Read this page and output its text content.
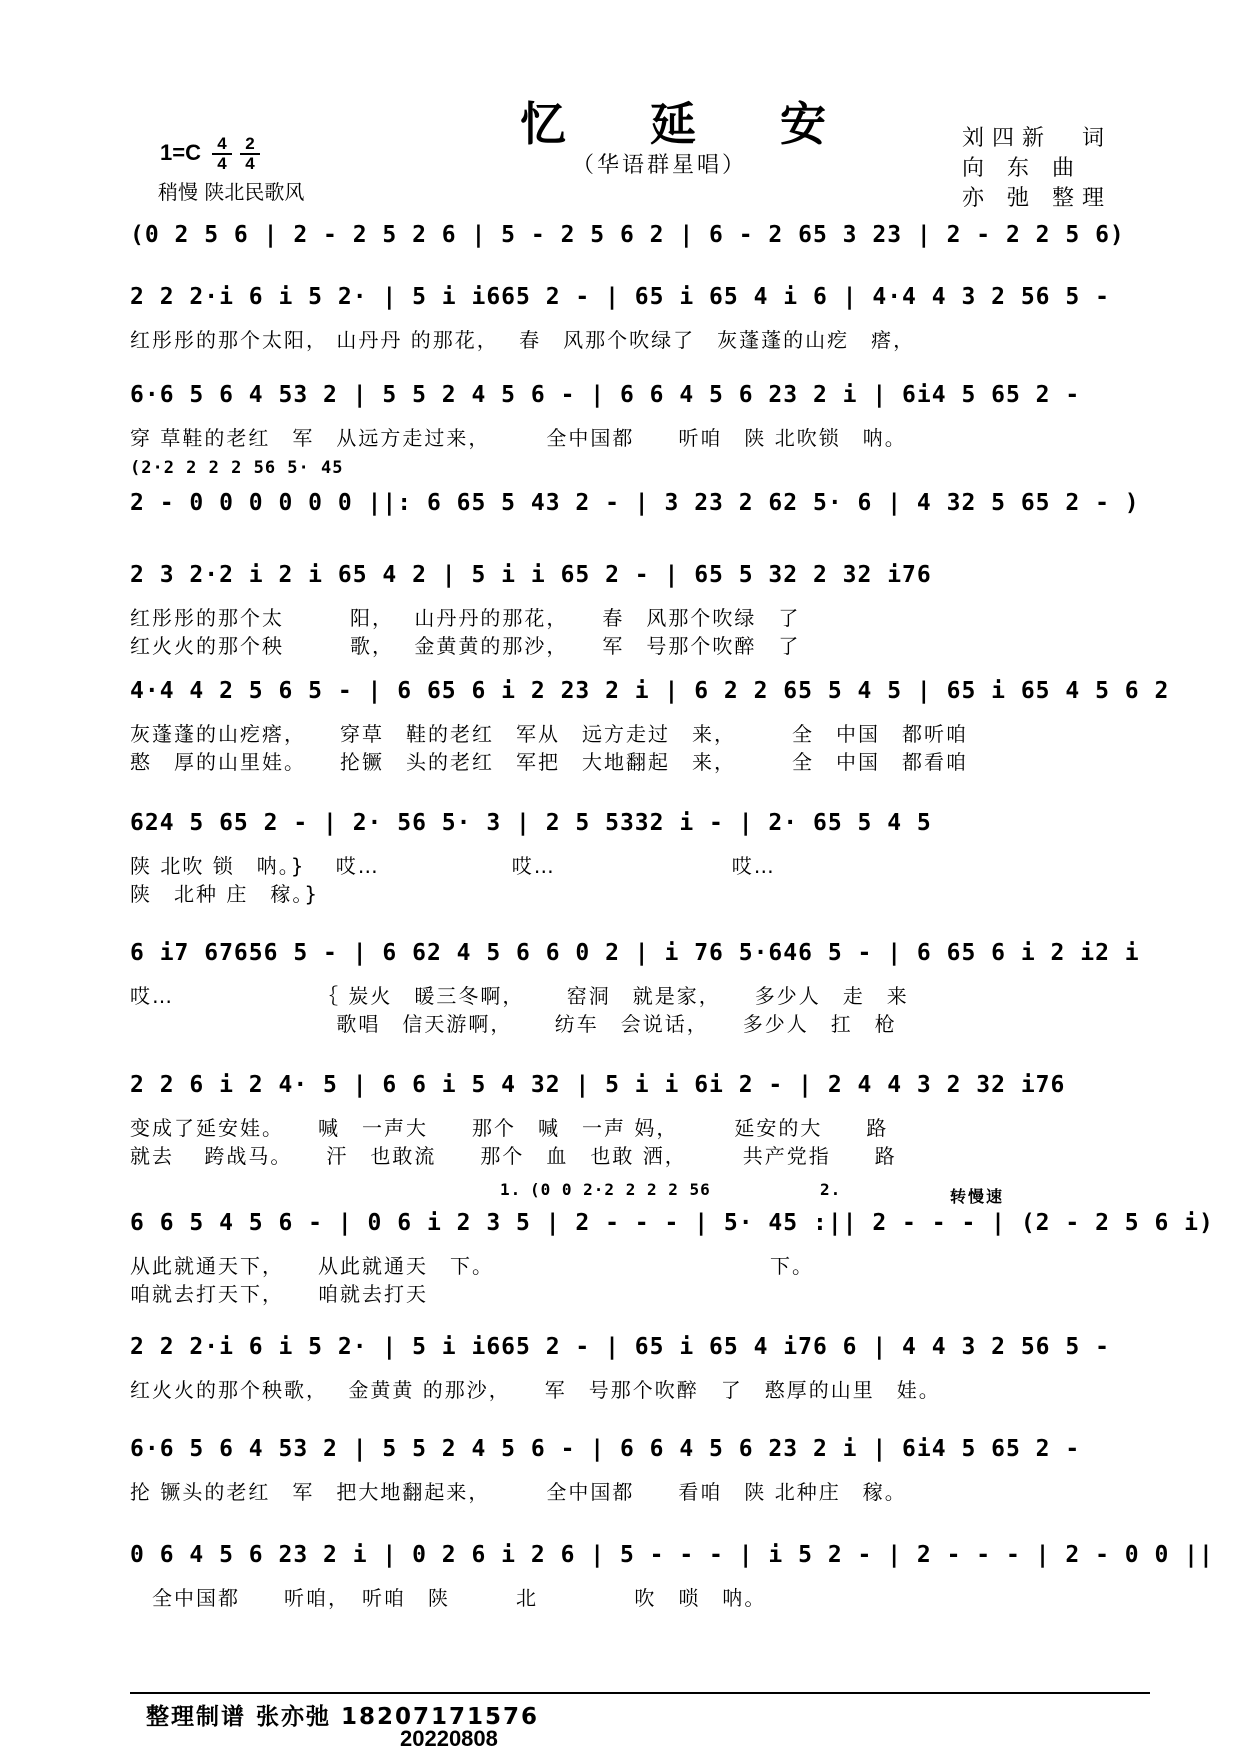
1=C 4
4
2
4
稍慢 陕北民歌风
忆 延 安
（华语群星唱）
刘四新　词
向 东 曲
亦 弛 整理
(0 2 5 6 | 2 - 2 5 2 6 | 5 - 2 5 6 2 | 6 - 2 65 3 23 | 2 - 2 2 5 6)
2 2 2·i 6 i 5 2· | 5 i i665 2 - | 65 i 65 4 i 6 | 4·4 4 3 2 56 5 -
红彤彤的那个太阳， 山丹丹 的那花，　 春　风那个吹绿了　灰蓬蓬的山疙　瘩，
6·6 5 6 4 53 2 | 5 5 2 4 5 6 - | 6 6 4 5 6 23 2 i | 6i4 5 65 2 -
穿 草鞋的老红　军　从远方走过来，　　　全中国都　　听咱　陕 北吹锁　呐。
(2·2 2 2 2 56 5· 45
2 - 0 0 0 0 0 0 ||: 6 65 5 43 2 - | 3 23 2 62 5· 6 | 4 32 5 65 2 - )
2 3 2·2 i 2 i 65 4 2 | 5 i i 65 2 - | 65 5 32 2 32 i76
红彤彤的那个太　　　阳，　 山丹丹的那花，　　春　风那个吹绿　了
红火火的那个秧　　　歌，　 金黄黄的那沙，　　军　号那个吹醉　了
4·4 4 2 5 6 5 - | 6 65 6 i 2 23 2 i | 6 2 2 65 5 4 5 | 65 i 65 4 5 6 2
灰蓬蓬的山疙瘩，　　穿草　鞋的老红　军从　远方走过　来，　　　全　中国　都听咱
憨　厚的山里娃。　　抡镢　头的老红　军把　大地翻起　来，　　　全　中国　都看咱
624 5 65 2 - | 2· 56 5· 3 | 2 5 5332 i - | 2· 65 5 4 5
陕 北吹 锁　呐。}　 哎…　　　　　　哎…　　　　　　　　哎…
陕　北种 庄　稼。}
6 i7 67656 5 - | 6 62 4 5 6 6 0 2 | i 76 5·646 5 - | 6 65 6 i 2 i2 i
哎…　　　　　　　｛ 炭火　暖三冬啊，　　 窑洞　就是家，　　多少人　走　来
　　　　　　　　　 歌唱　信天游啊，　　 纺车　会说话，　　多少人　扛　枪
2 2 6 i 2 4· 5 | 6 6 i 5 4 32 | 5 i i 6i 2 - | 2 4 4 3 2 32 i76
变成了延安娃。　　喊　一声大　　那个　喊　一声 妈，　　　延安的大　　路
就去　 跨战马。　　汗　也敢流　　那个　血　也敢 洒，　　　共产党指　　路
1. (0 0 2·2 2 2 2 56	2.	转慢速
6 6 5 4 5 6 - | 0 6 i 2 3 5 | 2 - - - | 5· 45 :|| 2 - - - | (2 - 2 5 6 i)
从此就通天下，　　从此就通天　下。　　　　　　　　　　　　　下。
咱就去打天下，　　咱就去打天
2 2 2·i 6 i 5 2· | 5 i i665 2 - | 65 i 65 4 i76 6 | 4 4 3 2 56 5 -
红火火的那个秧歌，　 金黄黄 的那沙，　　军　号那个吹醉　了　憨厚的山里　娃。
6·6 5 6 4 53 2 | 5 5 2 4 5 6 - | 6 6 4 5 6 23 2 i | 6i4 5 65 2 -
抡 镢头的老红　军　把大地翻起来，　　　全中国都　　看咱　陕 北种庄　稼。
0 6 4 5 6 23 2 i | 0 2 6 i 2 6 | 5 - - - | i 5 2 - | 2 - - - | 2 - 0 0 ||
　全中国都　　听咱，　听咱　陕　　　北　　　　 吹　唢　呐。
整理制谱 张亦弛 18207171576
20220808
